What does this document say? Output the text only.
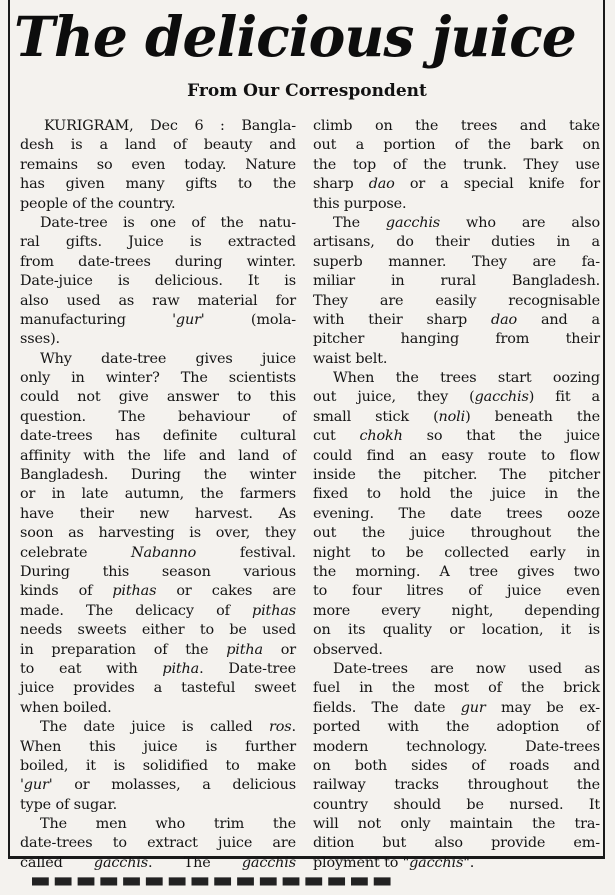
The delicious juice
From Our Correspondent
KURIGRAM, Dec 6 : Bangla-
desh is a land of beauty and
remains so even today. Nature
has given many gifts to the
people of the country.
Date-tree is one of the natu-
ral gifts. Juice is extracted
from date-trees during winter.
Date-juice is delicious. It is
also used as raw material for
manufacturing	'gur'	(mola-
sses).
Why date-tree gives juice
only in winter? The scientists
could not give answer to this
question. The behaviour of
date-trees has definite cultural
affinity with the life and land of
Bangladesh. During the winter
or in late autumn, the farmers
have their new harvest. As
soon as harvesting is over, they
celebrate	Nabanno	festival.
During this season various
kinds of pithas or cakes are
made. The delicacy of pithas
needs sweets either to be used
in preparation of the pitha or
to eat with pitha. Date-tree
juice provides a tasteful sweet
when boiled.
The date juice is called ros.
When this juice is further
boiled, it is solidified to make
'gur' or molasses, a delicious
type of sugar.
The men who trim the
date-trees to extract juice are
called gacchis. The gacchis
climb on the trees and take
out a portion of the bark on
the top of the trunk. They use
sharp dao or a special knife for
this purpose.
The gacchis who are also
artisans, do their duties in a
superb manner. They are fa-
miliar in rural Bangladesh.
They are easily recognisable
with their sharp dao and a
pitcher	hanging	from	their
waist belt.
When the trees start oozing
out juice, they (gacchis) fit a
small stick (noli) beneath the
cut chokh so that the juice
could find an easy route to flow
inside the pitcher. The pitcher
fixed to hold the juice in the
evening. The date trees ooze
out the juice throughout the
night to be collected early in
the morning. A tree gives two
to four litres of juice even
more every night, depending
on its quality or location, it is
observed.
Date-trees are now used as
fuel in the most of the brick
fields. The date gur may be ex-
ported with the adoption of
modern	technology.	Date-trees
on both sides of roads and
railway tracks throughout the
country should be nursed. It
will not only maintain the tra-
dition but also provide em-
ployment to "gacchis".
▬▬▬▬▬▬▬▬▬▬▬▬▬▬▬▬
